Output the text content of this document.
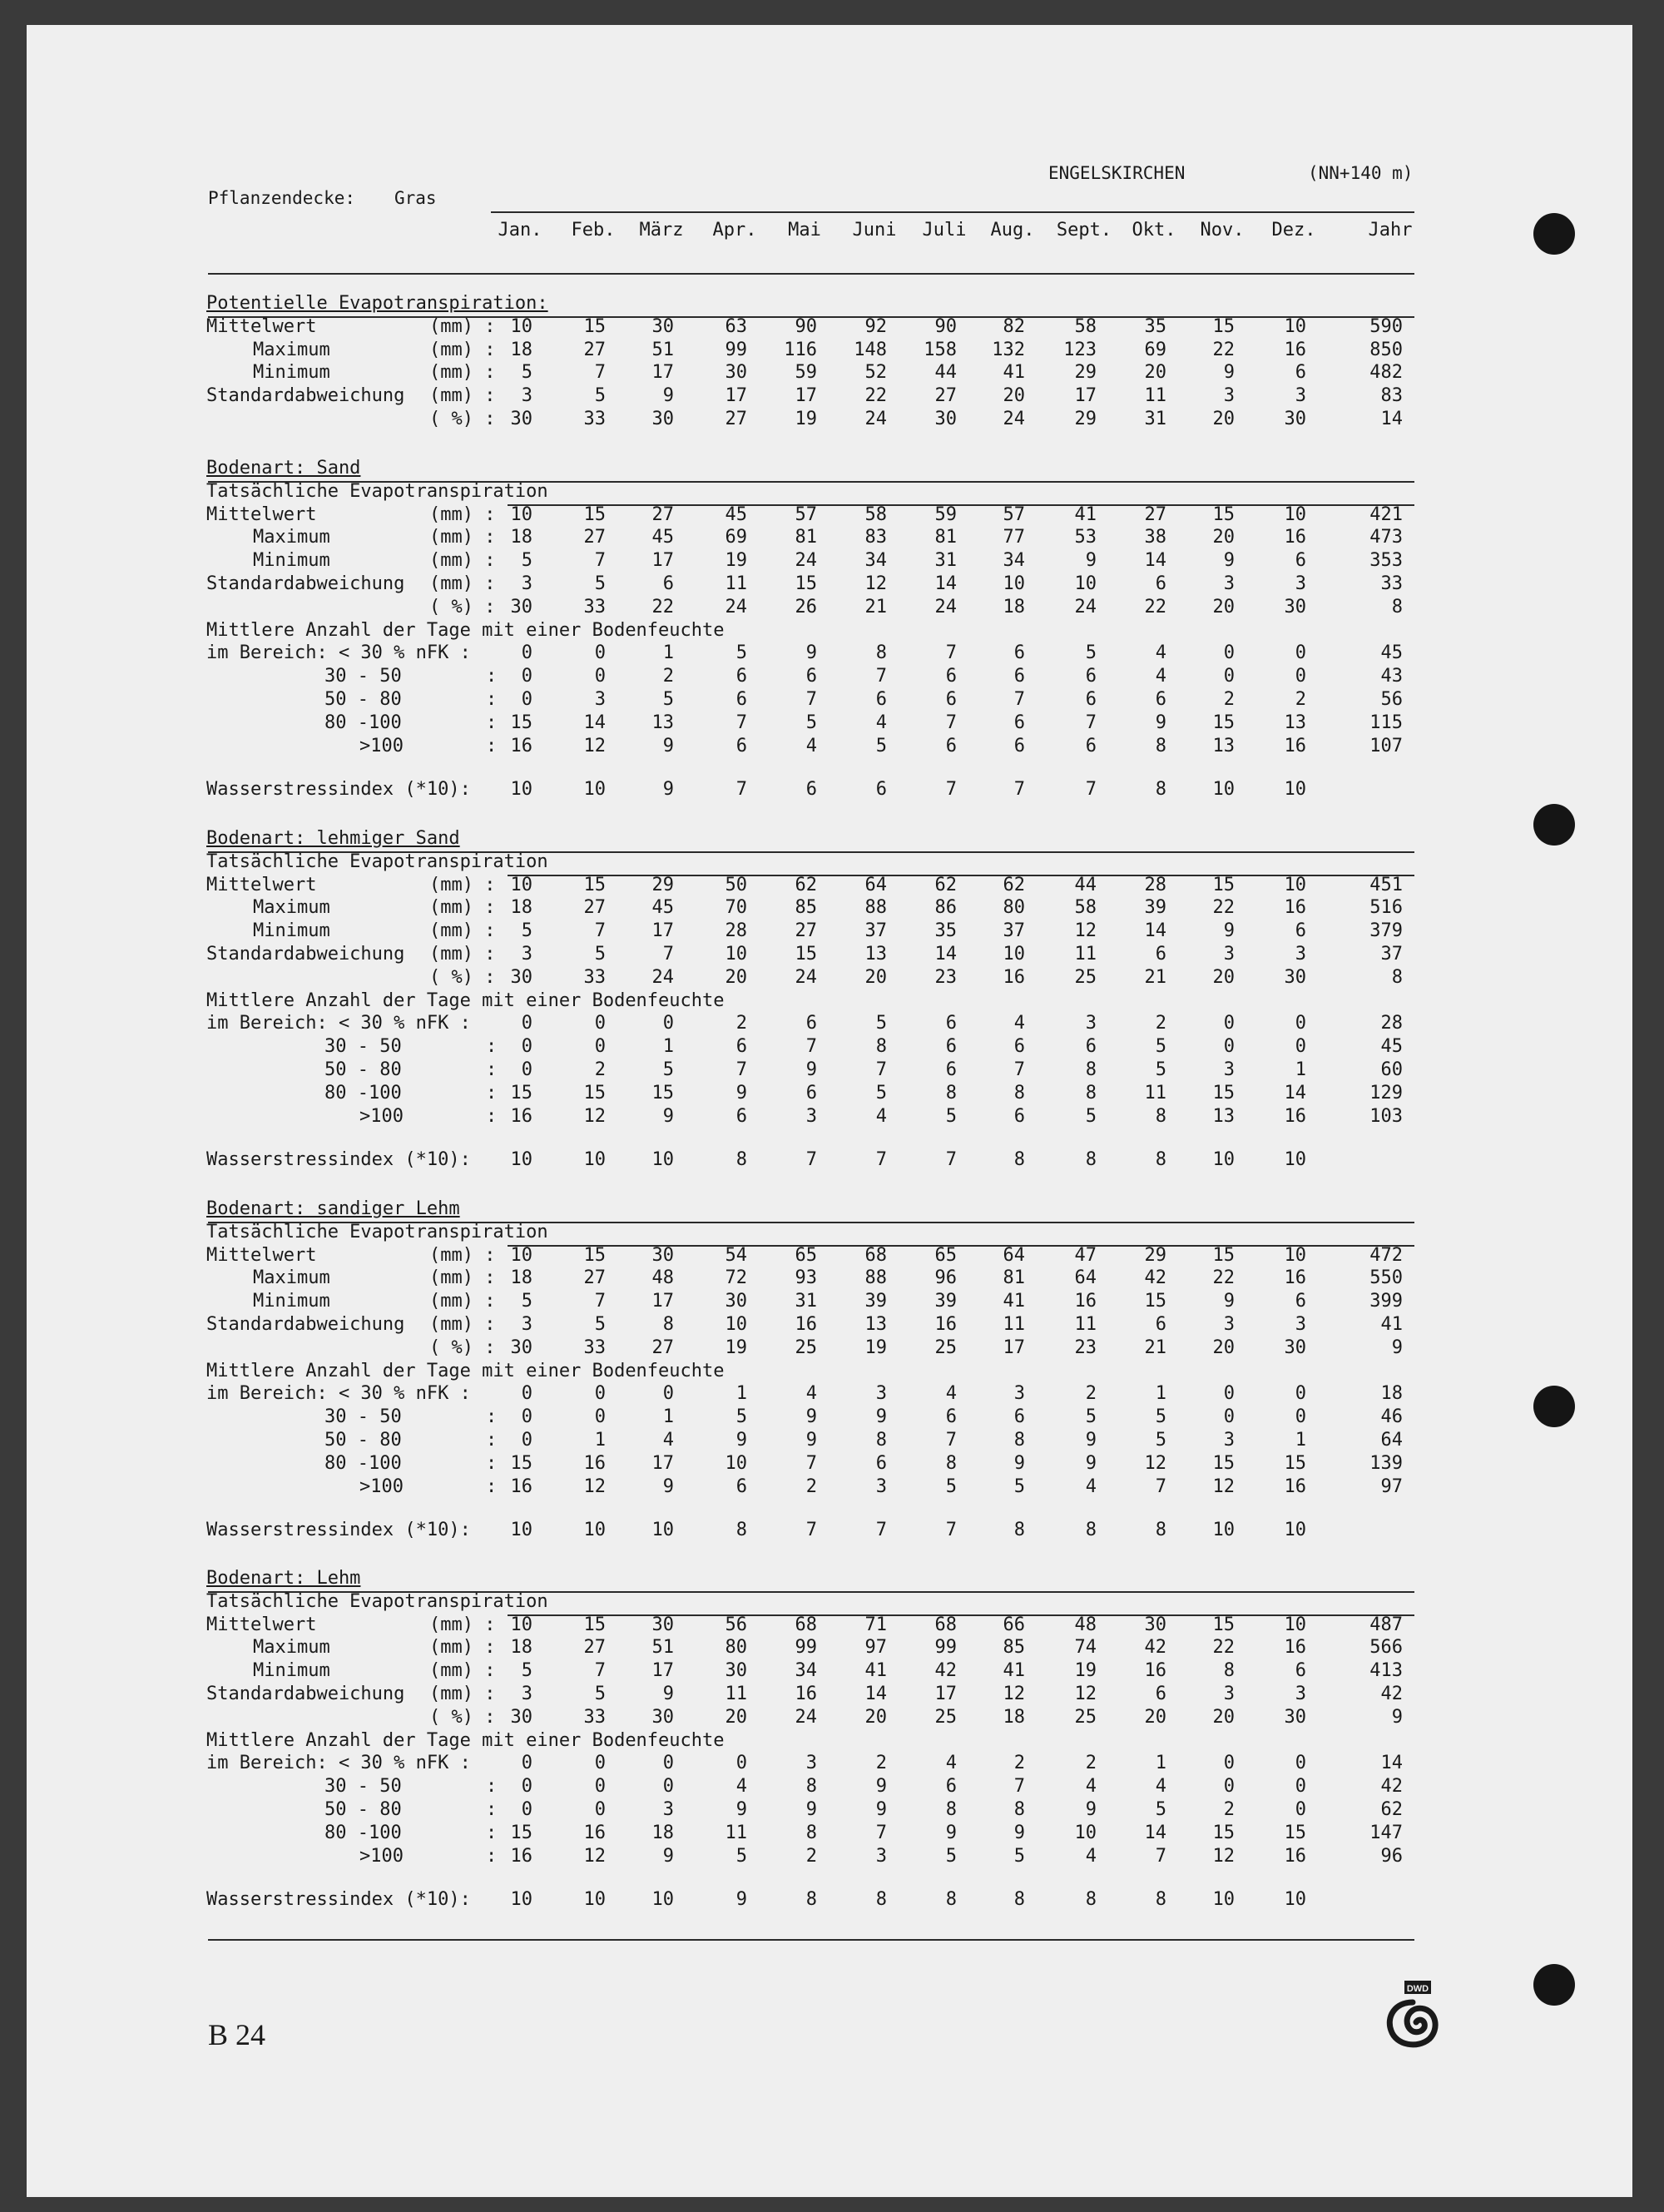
ENGELSKIRCHEN	(NN+140 m)
Pflanzendecke: Gras
Jan.	Feb.	März	Apr.	Mai	Juni	Juli	Aug.	Sept.	Okt.	Nov.	Dez.	Jahr
Potentielle Evapotranspiration:
Mittelwert	(mm) : 10	15	30	63	90	92	90	82	58	35	15	10	590
Maximum	(mm) : 18	27	51	99	116	148	158	132	123	69	22	16	850
Minimum	(mm) :	5	7	17	30	59	52	44	41	29	20	9	6	482
Standardabweichung (mm) :	3	5	9	17	17	22	27	20	17	11	3	3	83
( %) : 30	33	30	27	19	24	30	24	29	31	20	30	14
Bodenart: Sand
Tatsächliche Evapotranspiration
Mittelwert	(mm) : 10	15	27	45	57	58	59	57	41	27	15	10	421
Maximum	(mm) : 18	27	45	69	81	83	81	77	53	38	20	16	473
Minimum	(mm) :	5	7	17	19	24	34	31	34	9	14	9	6	353
Standardabweichung (mm) :	3	5	6	11	15	12	14	10	10	6	3	3	33
( %) : 30	33	22	24	26	21	24	18	24	22	20	30	8
Mittlere Anzahl der Tage mit einer Bodenfeuchte
im Bereich: < 30 % nFK :	0	0	1	5	9	8	7	6	5	4	0	0	45
30 - 50	:	0	0	2	6	6	7	6	6	6	4	0	0	43
50 - 80	:	0	3	5	6	7	6	6	7	6	6	2	2	56
80 -100	: 15	14	13	7	5	4	7	6	7	9	15	13	115
>100	: 16	12	9	6	4	5	6	6	6	8	13	16	107
Wasserstressindex (*10):	10	10	9	7	6	6	7	7	7	8	10	10
Bodenart: lehmiger Sand
Tatsächliche Evapotranspiration
Mittelwert	(mm) : 10	15	29	50	62	64	62	62	44	28	15	10	451
Maximum	(mm) : 18	27	45	70	85	88	86	80	58	39	22	16	516
Minimum	(mm) :	5	7	17	28	27	37	35	37	12	14	9	6	379
Standardabweichung (mm) :	3	5	7	10	15	13	14	10	11	6	3	3	37
( %) : 30	33	24	20	24	20	23	16	25	21	20	30	8
Mittlere Anzahl der Tage mit einer Bodenfeuchte
im Bereich: < 30 % nFK :	0	0	0	2	6	5	6	4	3	2	0	0	28
30 - 50	:	0	0	1	6	7	8	6	6	6	5	0	0	45
50 - 80	:	0	2	5	7	9	7	6	7	8	5	3	1	60
80 -100	: 15	15	15	9	6	5	8	8	8	11	15	14	129
>100	: 16	12	9	6	3	4	5	6	5	8	13	16	103
Wasserstressindex (*10):	10	10	10	8	7	7	7	8	8	8	10	10
Bodenart: sandiger Lehm
Tatsächliche Evapotranspiration
Mittelwert	(mm) : 10	15	30	54	65	68	65	64	47	29	15	10	472
Maximum	(mm) : 18	27	48	72	93	88	96	81	64	42	22	16	550
Minimum	(mm) :	5	7	17	30	31	39	39	41	16	15	9	6	399
Standardabweichung (mm) :	3	5	8	10	16	13	16	11	11	6	3	3	41
( %) : 30	33	27	19	25	19	25	17	23	21	20	30	9
Mittlere Anzahl der Tage mit einer Bodenfeuchte
im Bereich: < 30 % nFK :	0	0	0	1	4	3	4	3	2	1	0	0	18
30 - 50	:	0	0	1	5	9	9	6	6	5	5	0	0	46
50 - 80	:	0	1	4	9	9	8	7	8	9	5	3	1	64
80 -100	: 15	16	17	10	7	6	8	9	9	12	15	15	139
>100	: 16	12	9	6	2	3	5	5	4	7	12	16	97
Wasserstressindex (*10):	10	10	10	8	7	7	7	8	8	8	10	10
Bodenart: Lehm
Tatsächliche Evapotranspiration
Mittelwert	(mm) : 10	15	30	56	68	71	68	66	48	30	15	10	487
Maximum	(mm) : 18	27	51	80	99	97	99	85	74	42	22	16	566
Minimum	(mm) :	5	7	17	30	34	41	42	41	19	16	8	6	413
Standardabweichung (mm) :	3	5	9	11	16	14	17	12	12	6	3	3	42
( %) : 30	33	30	20	24	20	25	18	25	20	20	30	9
Mittlere Anzahl der Tage mit einer Bodenfeuchte
im Bereich: < 30 % nFK :	0	0	0	0	3	2	4	2	2	1	0	0	14
30 - 50	:	0	0	0	4	8	9	6	7	4	4	0	0	42
50 - 80	:	0	0	3	9	9	9	8	8	9	5	2	0	62
80 -100	: 15	16	18	11	8	7	9	9	10	14	15	15	147
>100	: 16	12	9	5	2	3	5	5	4	7	12	16	96
Wasserstressindex (*10):	10	10	10	9	8	8	8	8	8	8	10	10
B 24
DWD
